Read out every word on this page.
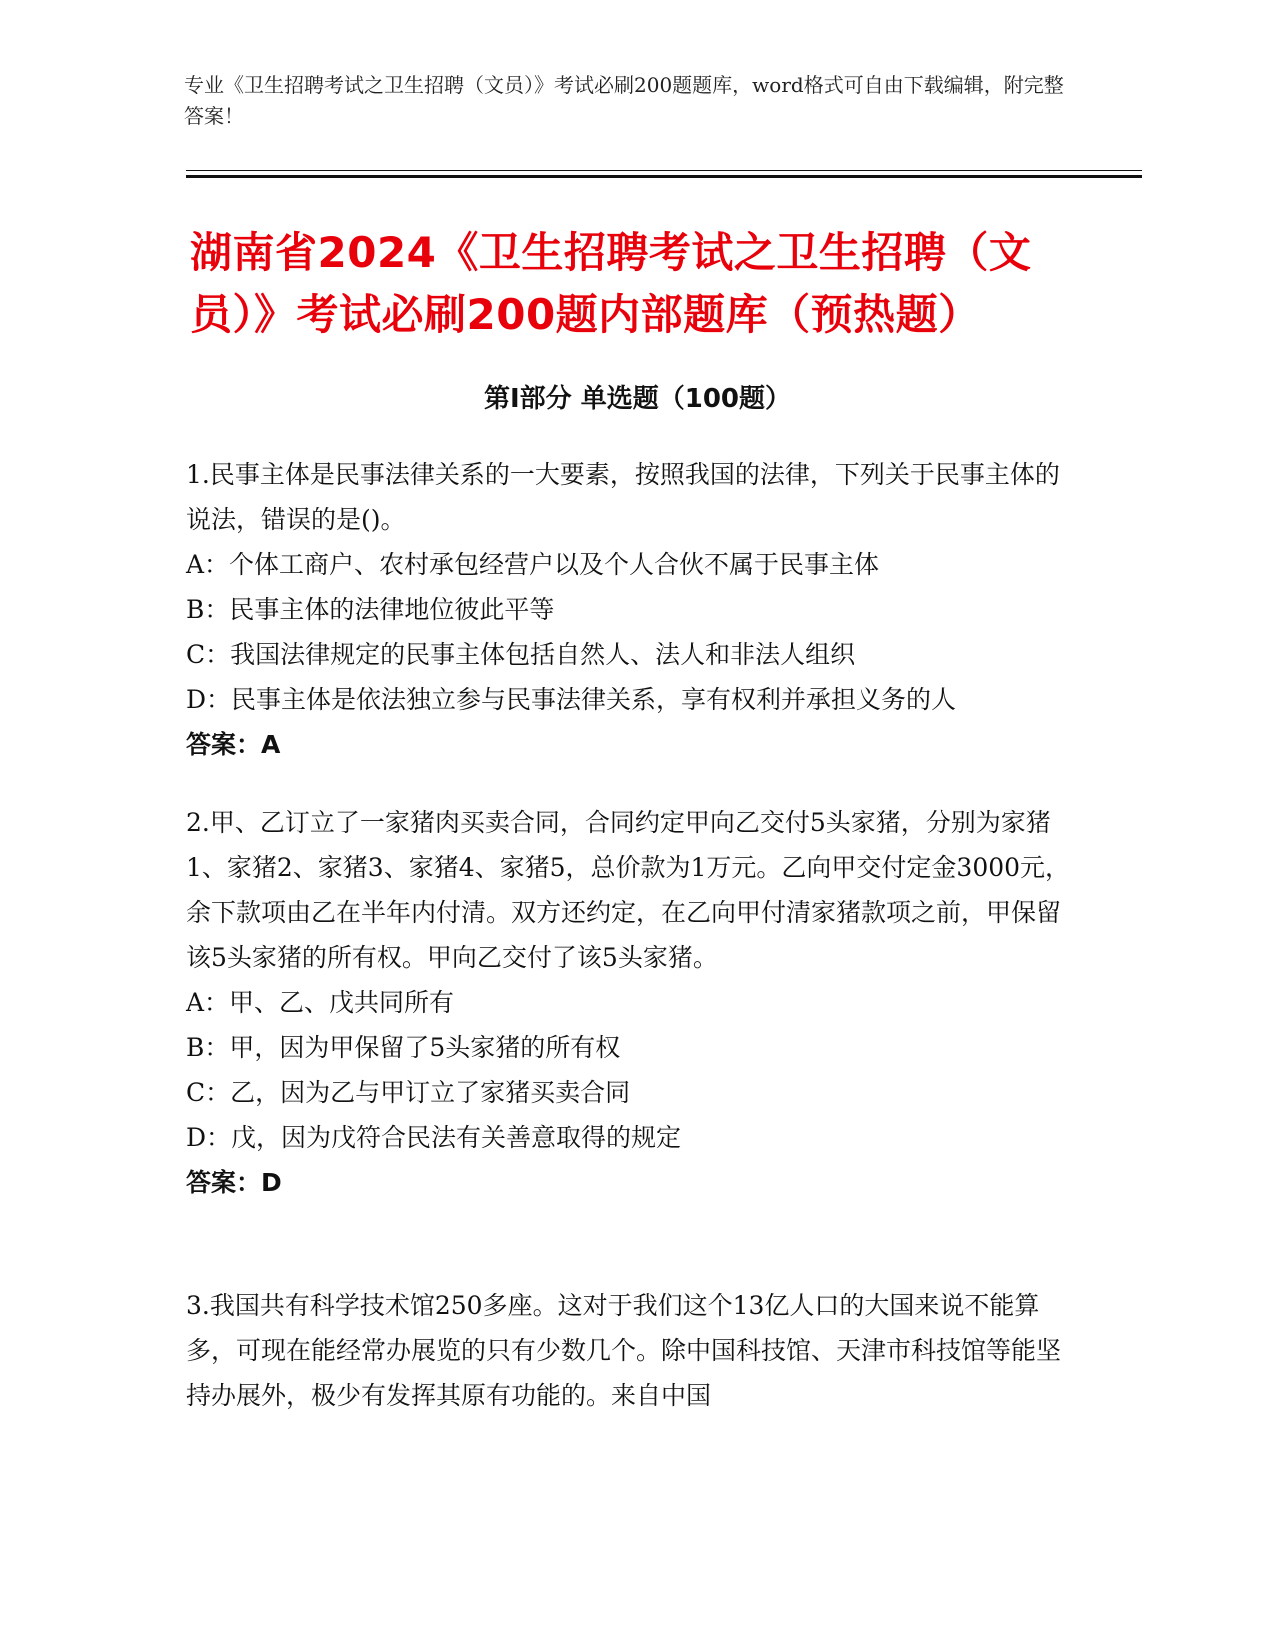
专业《卫生招聘考试之卫生招聘（文员）》考试必刷200题题库，word格式可自由下载编辑，附完整答案！
湖南省2024《卫生招聘考试之卫生招聘（文员）》考试必刷200题内部题库（预热题）
第Ⅰ部分 单选题（100题）

1.民事主体是民事法律关系的一大要素，按照我国的法律，下列关于民事主体的说法，错误的是()。

A：个体工商户、农村承包经营户以及个人合伙不属于民事主体

B：民事主体的法律地位彼此平等

C：我国法律规定的民事主体包括自然人、法人和非法人组织

D：民事主体是依法独立参与民事法律关系，享有权利并承担义务的人

答案：A

2.甲、乙订立了一家猪肉买卖合同，合同约定甲向乙交付5头家猪，分别为家猪1、家猪2、家猪3、家猪4、家猪5，总价款为1万元。乙向甲交付定金3000元，余下款项由乙在半年内付清。双方还约定，在乙向甲付清家猪款项之前，甲保留该5头家猪的所有权。甲向乙交付了该5头家猪。

A：甲、乙、戊共同所有

B：甲，因为甲保留了5头家猪的所有权

C：乙，因为乙与甲订立了家猪买卖合同

D：戊，因为戊符合民法有关善意取得的规定

答案：D

3.我国共有科学技术馆250多座。这对于我们这个13亿人口的大国来说不能算多，可现在能经常办展览的只有少数几个。除中国科技馆、天津市科技馆等能坚持办展外，极少有发挥其原有功能的。来自中国
